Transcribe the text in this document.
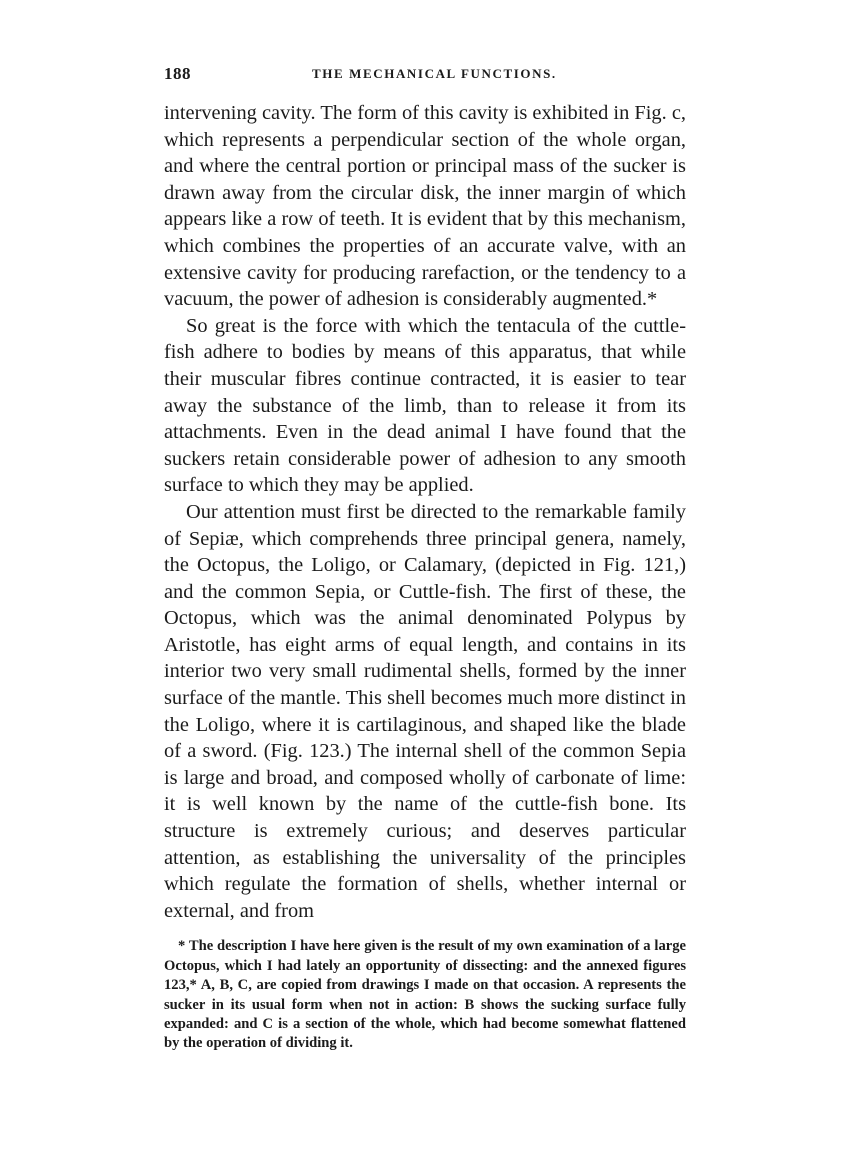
188	THE MECHANICAL FUNCTIONS.

intervening cavity. The form of this cavity is exhibited in Fig. c, which represents a perpendicular section of the whole organ, and where the central portion or principal mass of the sucker is drawn away from the circular disk, the inner margin of which appears like a row of teeth. It is evident that by this mechanism, which combines the properties of an accurate valve, with an extensive cavity for producing rarefaction, or the tendency to a vacuum, the power of adhesion is considerably augmented.*

So great is the force with which the tentacula of the cuttle-fish adhere to bodies by means of this apparatus, that while their muscular fibres continue contracted, it is easier to tear away the substance of the limb, than to release it from its attachments. Even in the dead animal I have found that the suckers retain considerable power of adhesion to any smooth surface to which they may be applied.

Our attention must first be directed to the remarkable family of Sepiæ, which comprehends three principal genera, namely, the Octopus, the Loligo, or Calamary, (depicted in Fig. 121,) and the common Sepia, or Cuttle-fish. The first of these, the Octopus, which was the animal denominated Polypus by Aristotle, has eight arms of equal length, and contains in its interior two very small rudimental shells, formed by the inner surface of the mantle. This shell becomes much more distinct in the Loligo, where it is cartilaginous, and shaped like the blade of a sword. (Fig. 123.) The internal shell of the common Sepia is large and broad, and composed wholly of carbonate of lime: it is well known by the name of the cuttle-fish bone. Its structure is extremely curious; and deserves particular attention, as establishing the universality of the principles which regulate the formation of shells, whether internal or external, and from

* The description I have here given is the result of my own examination of a large Octopus, which I had lately an opportunity of dissecting: and the annexed figures 123,* A, B, C, are copied from drawings I made on that occasion. A represents the sucker in its usual form when not in action: B shows the sucking surface fully expanded: and C is a section of the whole, which had become somewhat flattened by the operation of dividing it.
